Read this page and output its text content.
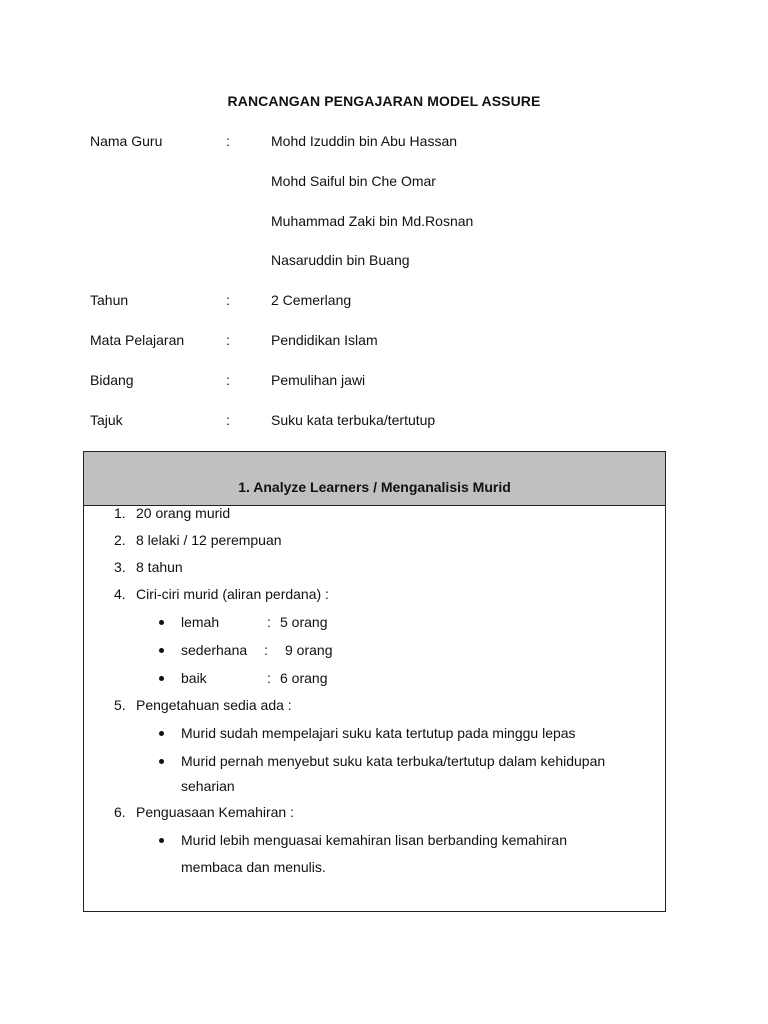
RANCANGAN PENGAJARAN MODEL ASSURE
Nama Guru	:	Mohd Izuddin bin Abu Hassan
Mohd Saiful bin Che Omar
Muhammad Zaki bin Md.Rosnan
Nasaruddin bin Buang
Tahun	:	2 Cemerlang
Mata Pelajaran	:	Pendidikan Islam
Bidang	:	Pemulihan jawi
Tajuk	:	Suku kata terbuka/tertutup
1. Analyze Learners / Menganalisis Murid
1. 20 orang murid
2. 8 lelaki / 12 perempuan
3. 8 tahun
4. Ciri-ciri murid (aliran perdana) :
lemah	: 5 orang
sederhana : 9 orang
baik	: 6 orang
5. Pengetahuan sedia ada :
Murid sudah mempelajari suku kata tertutup pada minggu lepas
Murid pernah menyebut suku kata terbuka/tertutup dalam kehidupan
seharian
6. Penguasaan Kemahiran :
Murid lebih menguasai kemahiran lisan berbanding kemahiran
membaca dan menulis.
